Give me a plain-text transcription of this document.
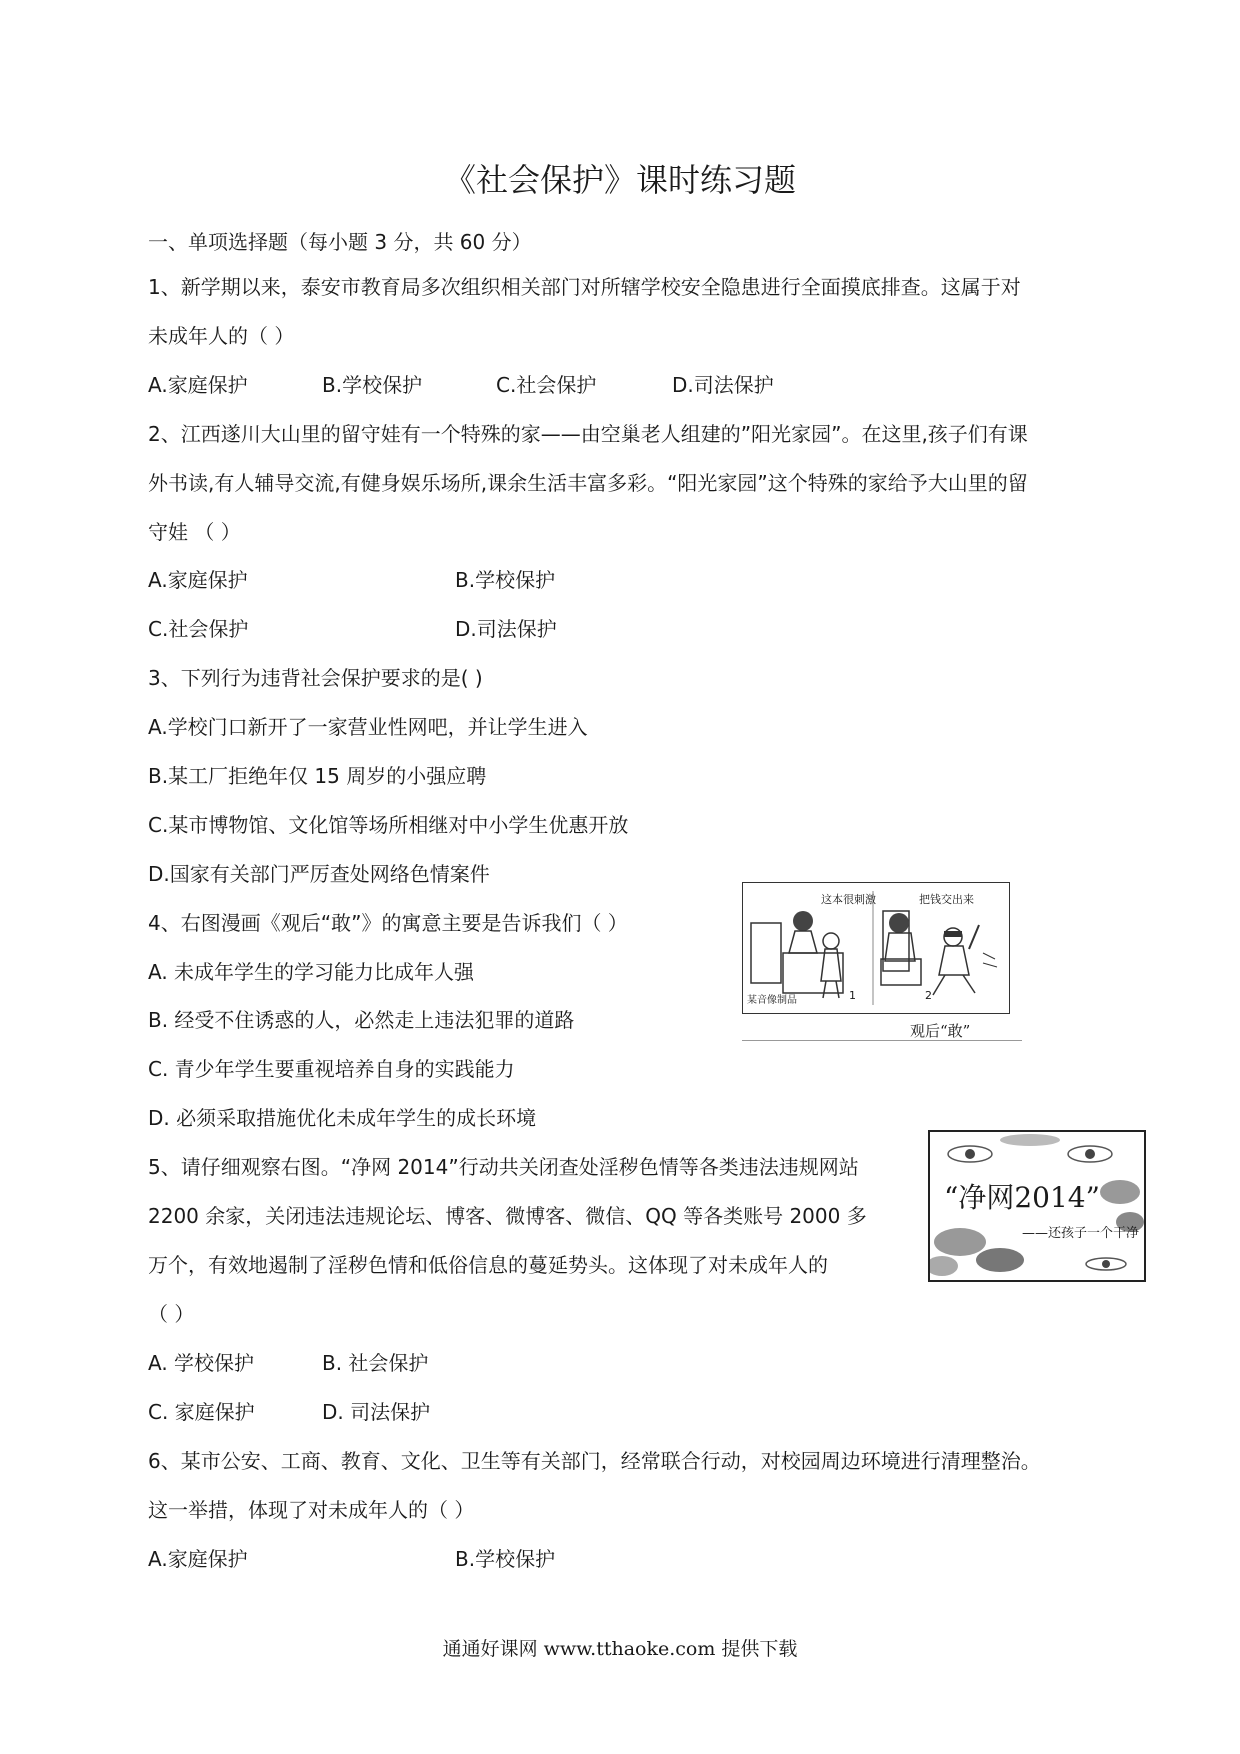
《社会保护》课时练习题
一、单项选择题（每小题 3 分，共 60 分）
1、新学期以来，泰安市教育局多次组织相关部门对所辖学校安全隐患进行全面摸底排查。这属于对
未成年人的（ ）
A.家庭保护	B.学校保护	C.社会保护	D.司法保护
2、江西遂川大山里的留守娃有一个特殊的家——由空巢老人组建的”阳光家园”。在这里,孩子们有课
外书读,有人辅导交流,有健身娱乐场所,课余生活丰富多彩。“阳光家园”这个特殊的家给予大山里的留
守娃 （ ）
A.家庭保护	B.学校保护
C.社会保护	D.司法保护
3、下列行为违背社会保护要求的是( )
A.学校门口新开了一家营业性网吧，并让学生进入
B.某工厂拒绝年仅 15 周岁的小强应聘
C.某市博物馆、文化馆等场所相继对中小学生优惠开放
D.国家有关部门严厉查处网络色情案件
4、右图漫画《观后“敢”》的寓意主要是告诉我们（ ）
A. 未成年学生的学习能力比成年人强
B. 经受不住诱惑的人，必然走上违法犯罪的道路
C. 青少年学生要重视培养自身的实践能力
D. 必须采取措施优化未成年学生的成长环境
这本很刺激	把钱交出来
某音像制品	1	2
观后“敢”
5、请仔细观察右图。“净网 2014”行动共关闭查处淫秽色情等各类违法违规网站
2200 余家，关闭违法违规论坛、博客、微博客、微信、QQ 等各类账号 2000 多
万个，有效地遏制了淫秽色情和低俗信息的蔓延势头。这体现了对未成年人的
（ ）
A. 学校保护	B. 社会保护
C. 家庭保护	D. 司法保护
“净网2014”
——还孩子一个干净
6、某市公安、工商、教育、文化、卫生等有关部门，经常联合行动，对校园周边环境进行清理整治。
这一举措，体现了对未成年人的（ ）
A.家庭保护	B.学校保护
通通好课网 www.tthaoke.com 提供下载
